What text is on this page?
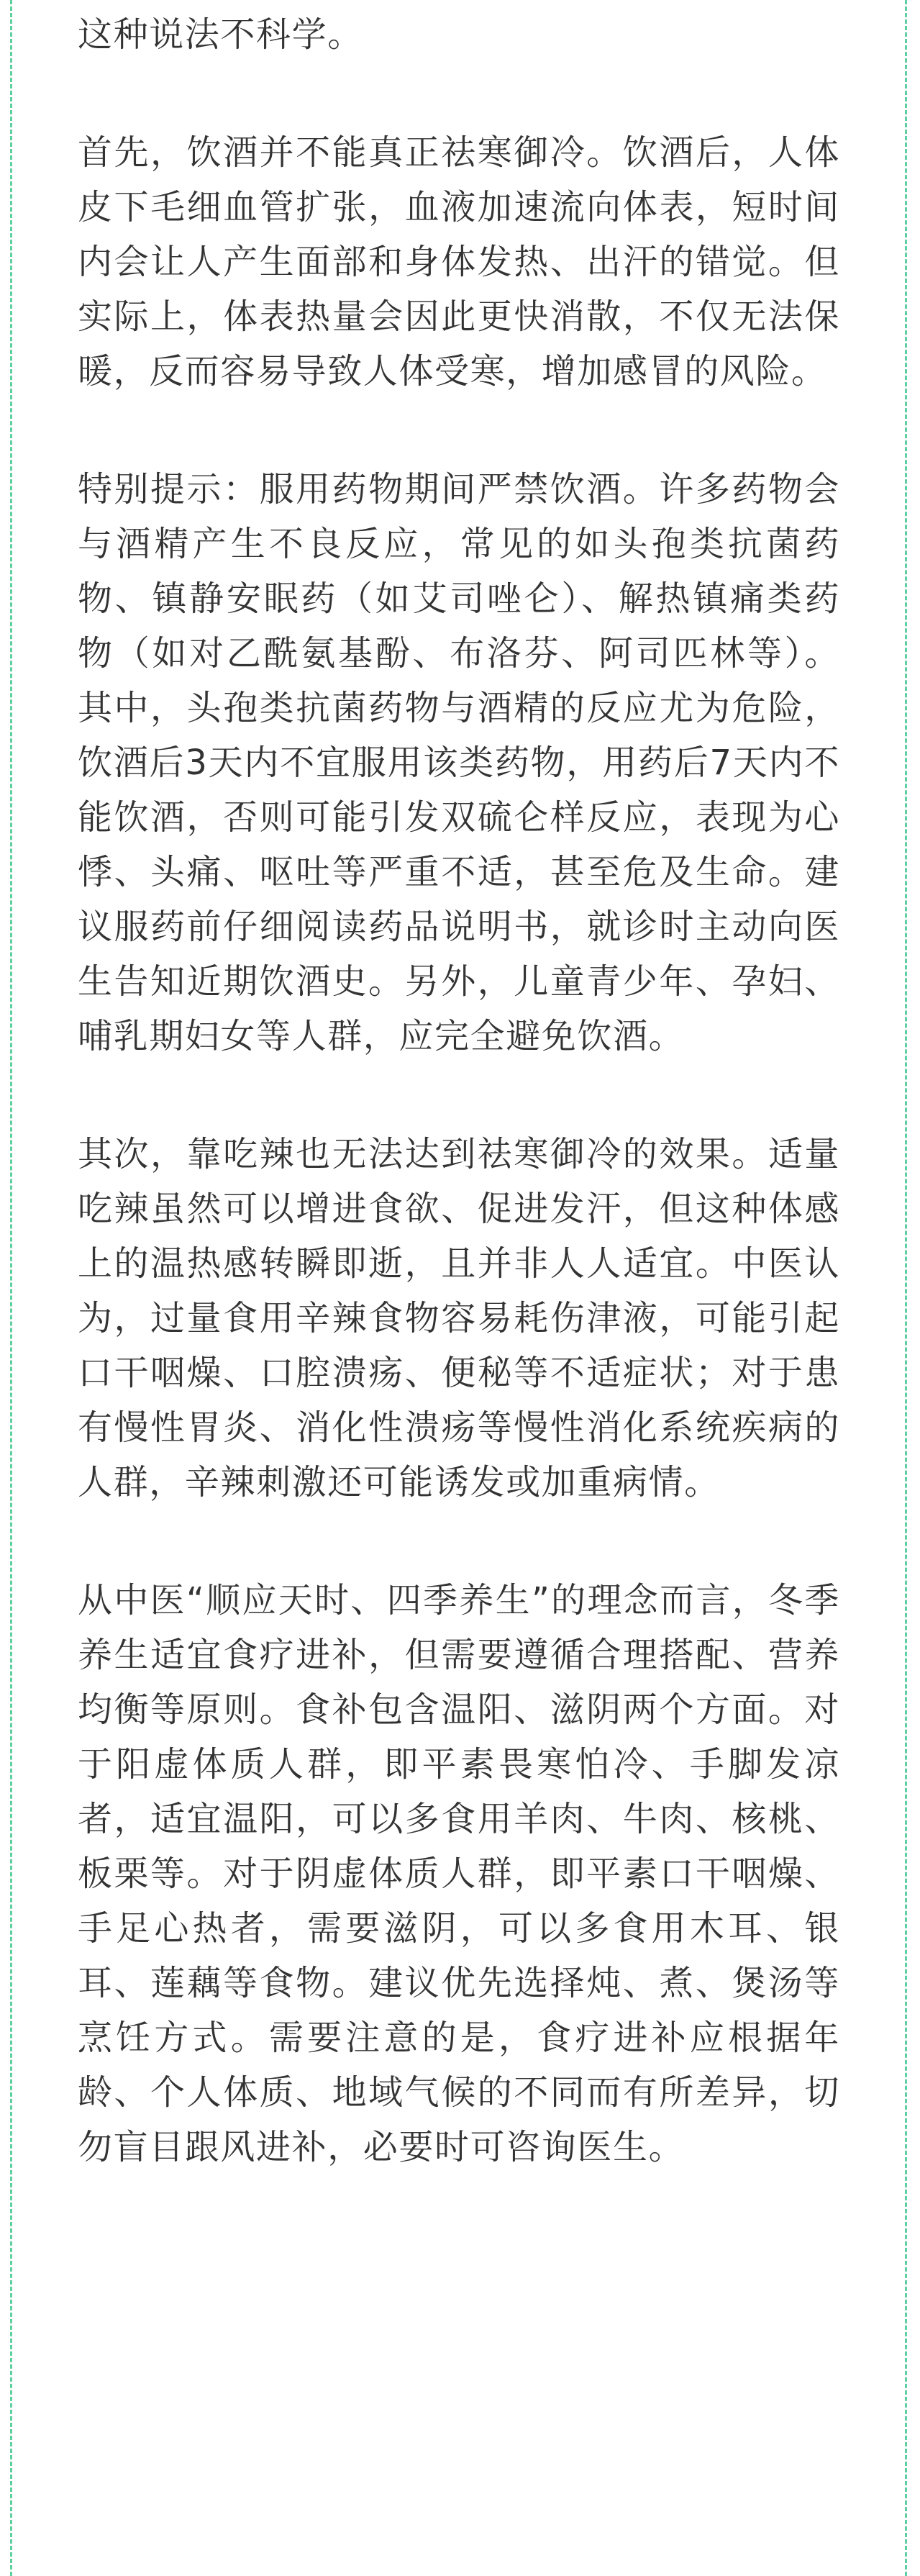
这种说法不科学。

首先，饮酒并不能真正祛寒御冷。饮酒后，人体皮下毛细血管扩张，血液加速流向体表，短时间内会让人产生面部和身体发热、出汗的错觉。但实际上，体表热量会因此更快消散，不仅无法保暖，反而容易导致人体受寒，增加感冒的风险。

特别提示：服用药物期间严禁饮酒。许多药物会与酒精产生不良反应，常见的如头孢类抗菌药物、镇静安眠药（如艾司唑仑）、解热镇痛类药物（如对乙酰氨基酚、布洛芬、阿司匹林等）。其中，头孢类抗菌药物与酒精的反应尤为危险，饮酒后3天内不宜服用该类药物，用药后7天内不能饮酒，否则可能引发双硫仑样反应，表现为心悸、头痛、呕吐等严重不适，甚至危及生命。建议服药前仔细阅读药品说明书，就诊时主动向医生告知近期饮酒史。另外，儿童青少年、孕妇、哺乳期妇女等人群，应完全避免饮酒。

其次，靠吃辣也无法达到祛寒御冷的效果。适量吃辣虽然可以增进食欲、促进发汗，但这种体感上的温热感转瞬即逝，且并非人人适宜。中医认为，过量食用辛辣食物容易耗伤津液，可能引起口干咽燥、口腔溃疡、便秘等不适症状；对于患有慢性胃炎、消化性溃疡等慢性消化系统疾病的人群，辛辣刺激还可能诱发或加重病情。

从中医“顺应天时、四季养生”的理念而言，冬季养生适宜食疗进补，但需要遵循合理搭配、营养均衡等原则。食补包含温阳、滋阴两个方面。对于阳虚体质人群，即平素畏寒怕冷、手脚发凉者，适宜温阳，可以多食用羊肉、牛肉、核桃、板栗等。对于阴虚体质人群，即平素口干咽燥、手足心热者，需要滋阴，可以多食用木耳、银耳、莲藕等食物。建议优先选择炖、煮、煲汤等烹饪方式。需要注意的是，食疗进补应根据年龄、个人体质、地域气候的不同而有所差异，切勿盲目跟风进补，必要时可咨询医生。
